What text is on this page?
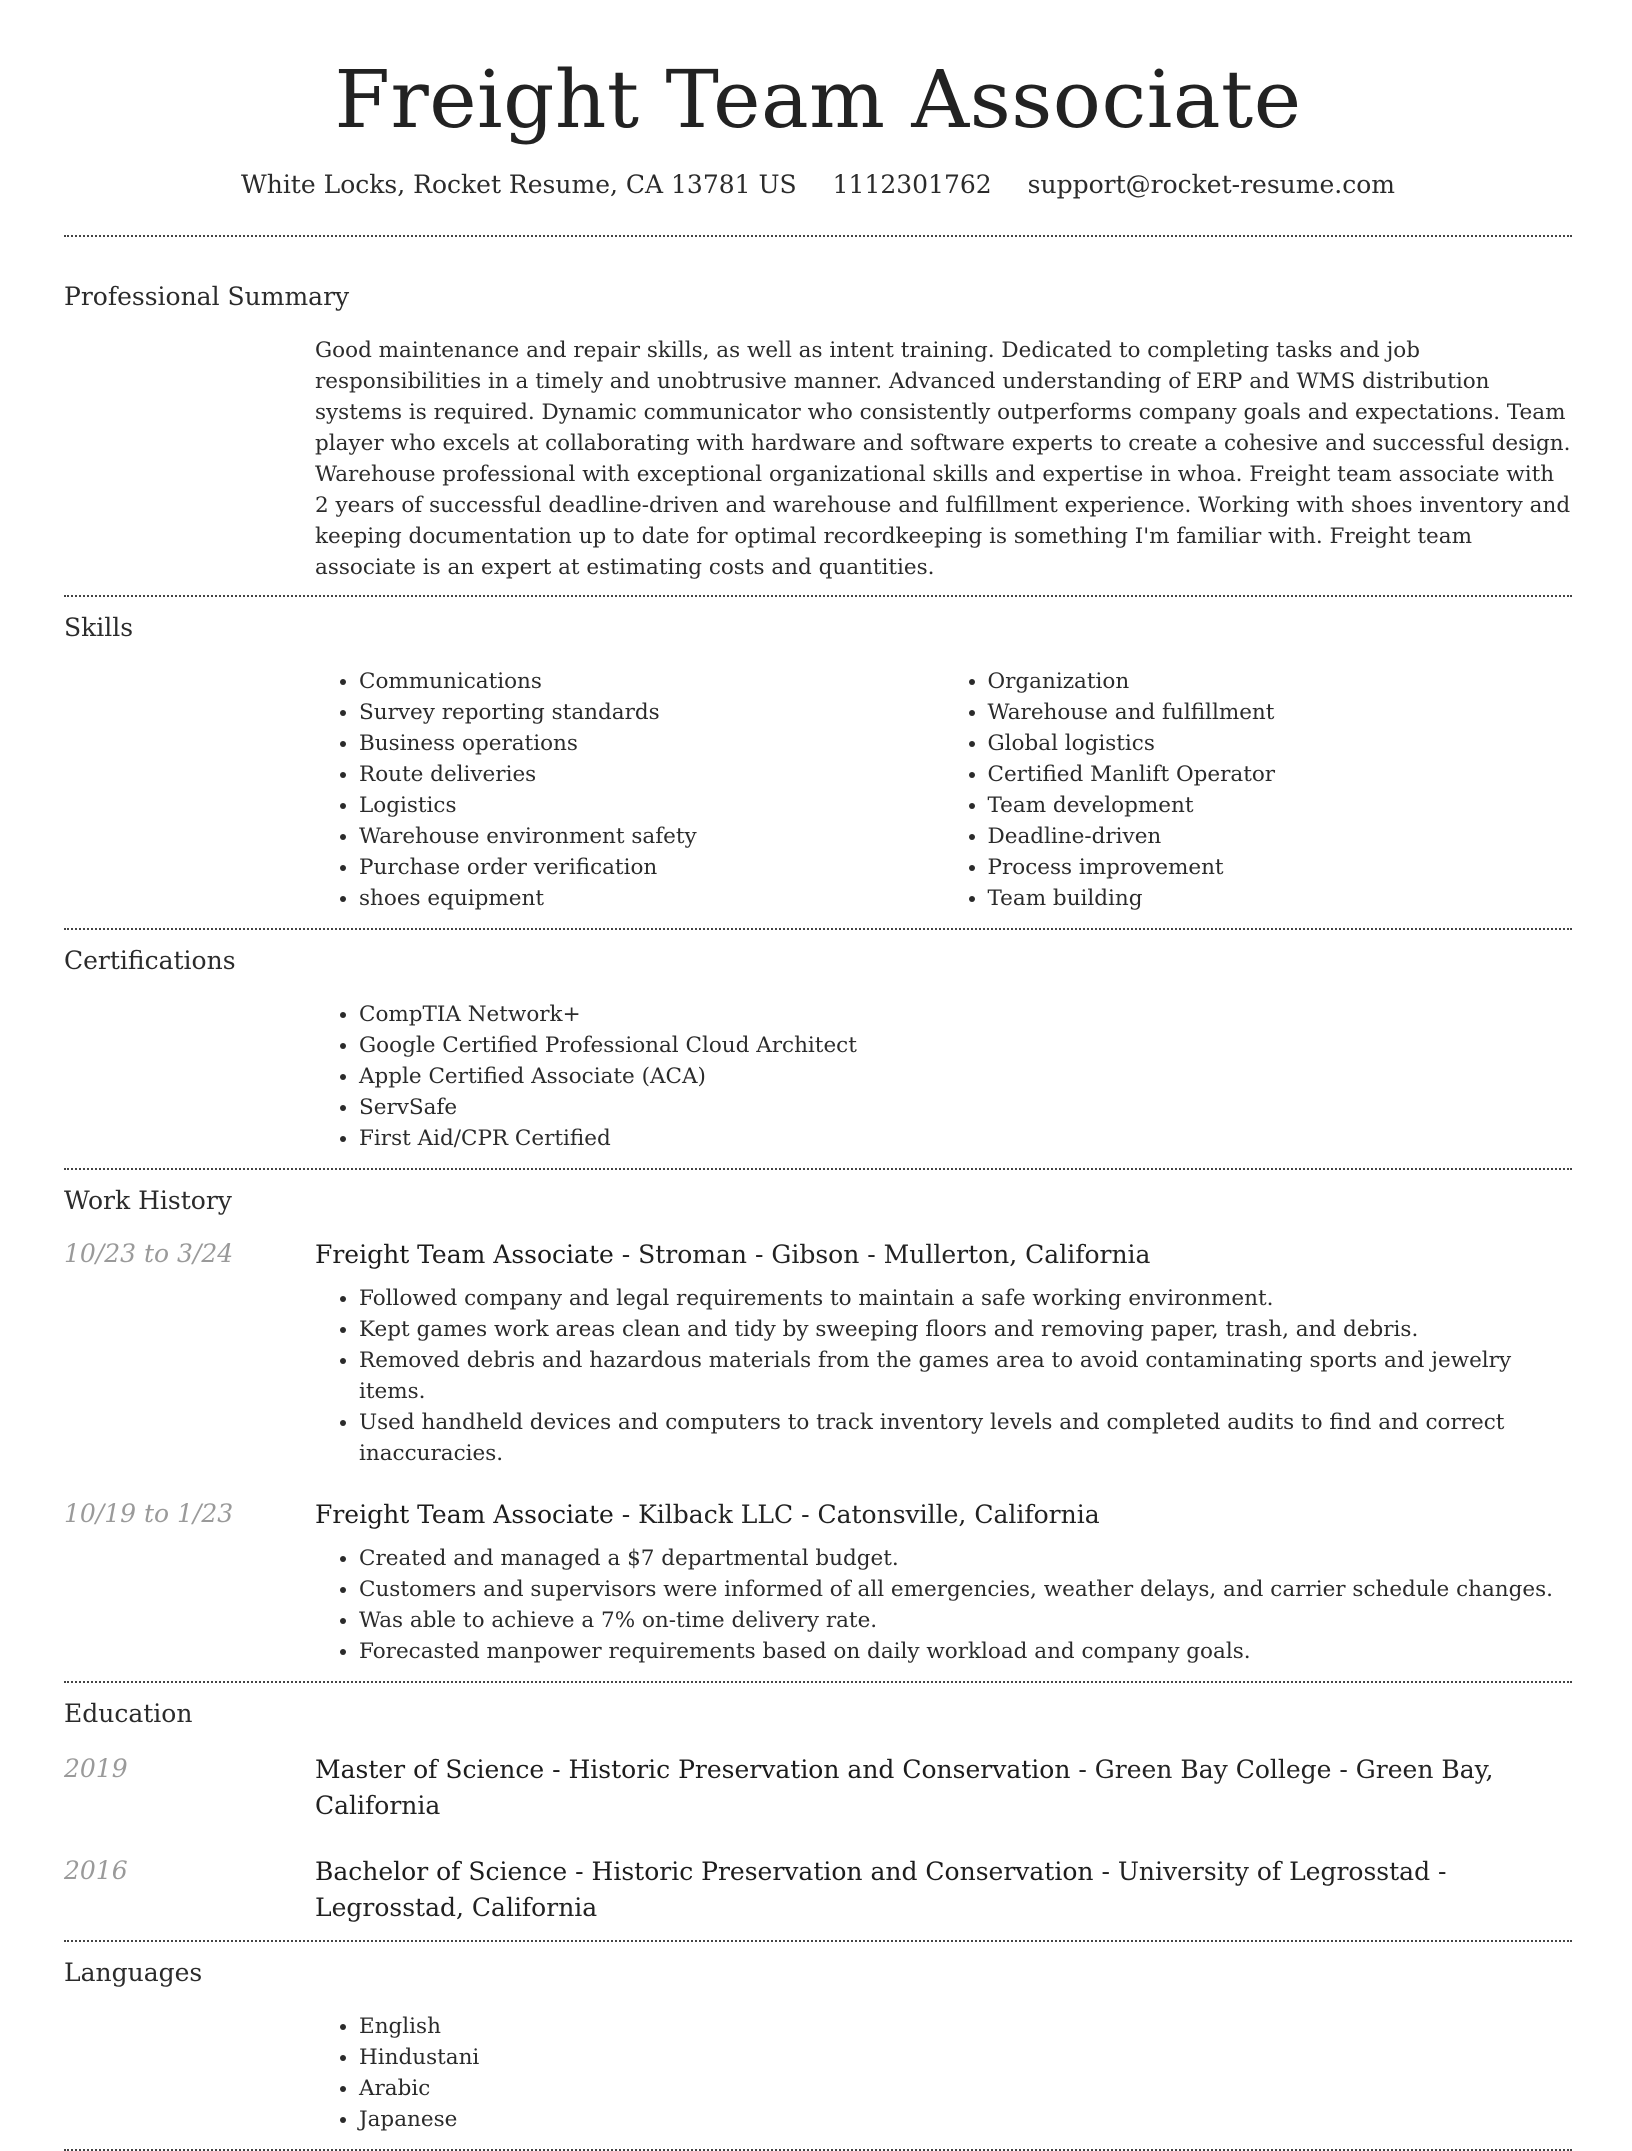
Freight Team Associate
White Locks, Rocket Resume, CA 13781 US 1112301762 support@rocket-resume.com
Professional Summary
Good maintenance and repair skills, as well as intent training. Dedicated to completing tasks and job responsibilities in a timely and unobtrusive manner. Advanced understanding of ERP and WMS distribution systems is required. Dynamic communicator who consistently outperforms company goals and expectations. Team player who excels at collaborating with hardware and software experts to create a cohesive and successful design. Warehouse professional with exceptional organizational skills and expertise in whoa. Freight team associate with 2 years of successful deadline-driven and warehouse and fulfillment experience. Working with shoes inventory and keeping documentation up to date for optimal recordkeeping is something I'm familiar with. Freight team associate is an expert at estimating costs and quantities.
Skills
• Communications
• Survey reporting standards
• Business operations
• Route deliveries
• Logistics
• Warehouse environment safety
• Purchase order verification
• shoes equipment
• Organization
• Warehouse and fulfillment
• Global logistics
• Certified Manlift Operator
• Team development
• Deadline-driven
• Process improvement
• Team building
Certifications
• CompTIA Network+
• Google Certified Professional Cloud Architect
• Apple Certified Associate (ACA)
• ServSafe
• First Aid/CPR Certified
Work History
10/23 to 3/24	Freight Team Associate - Stroman - Gibson - Mullerton, California
• Followed company and legal requirements to maintain a safe working environment.
• Kept games work areas clean and tidy by sweeping floors and removing paper, trash, and debris.
• Removed debris and hazardous materials from the games area to avoid contaminating sports and jewelry items.
• Used handheld devices and computers to track inventory levels and completed audits to find and correct inaccuracies.
10/19 to 1/23	Freight Team Associate - Kilback LLC - Catonsville, California
• Created and managed a $7 departmental budget.
• Customers and supervisors were informed of all emergencies, weather delays, and carrier schedule changes.
• Was able to achieve a 7% on-time delivery rate.
• Forecasted manpower requirements based on daily workload and company goals.
Education
2019	Master of Science - Historic Preservation and Conservation - Green Bay College - Green Bay, California
2016	Bachelor of Science - Historic Preservation and Conservation - University of Legrosstad - Legrosstad, California
Languages
• English
• Hindustani
• Arabic
• Japanese
